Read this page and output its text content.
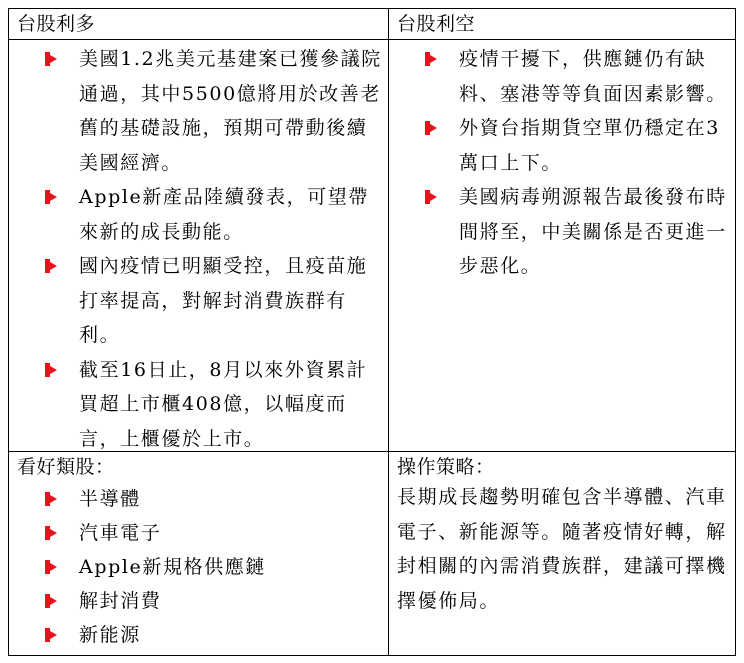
台股利多
美國1.2兆美元基建案已獲參議院通過，其中5500億將用於改善老舊的基礎設施，預期可帶動後續美國經濟。
Apple新產品陸續發表，可望帶來新的成長動能。
國內疫情已明顯受控，且疫苗施打率提高，對解封消費族群有利。
截至16日止，8月以來外資累計買超上市櫃408億，以幅度而言，上櫃優於上市。
台股利空
疫情干擾下，供應鏈仍有缺料、塞港等等負面因素影響。
外資台指期貨空單仍穩定在3萬口上下。
美國病毒朔源報告最後發布時間將至，中美關係是否更進一步惡化。
看好類股：
半導體
汽車電子
Apple新規格供應鏈
解封消費
新能源
操作策略：
長期成長趨勢明確包含半導體、汽車電子、新能源等。隨著疫情好轉，解封相關的內需消費族群，建議可擇機擇優佈局。
